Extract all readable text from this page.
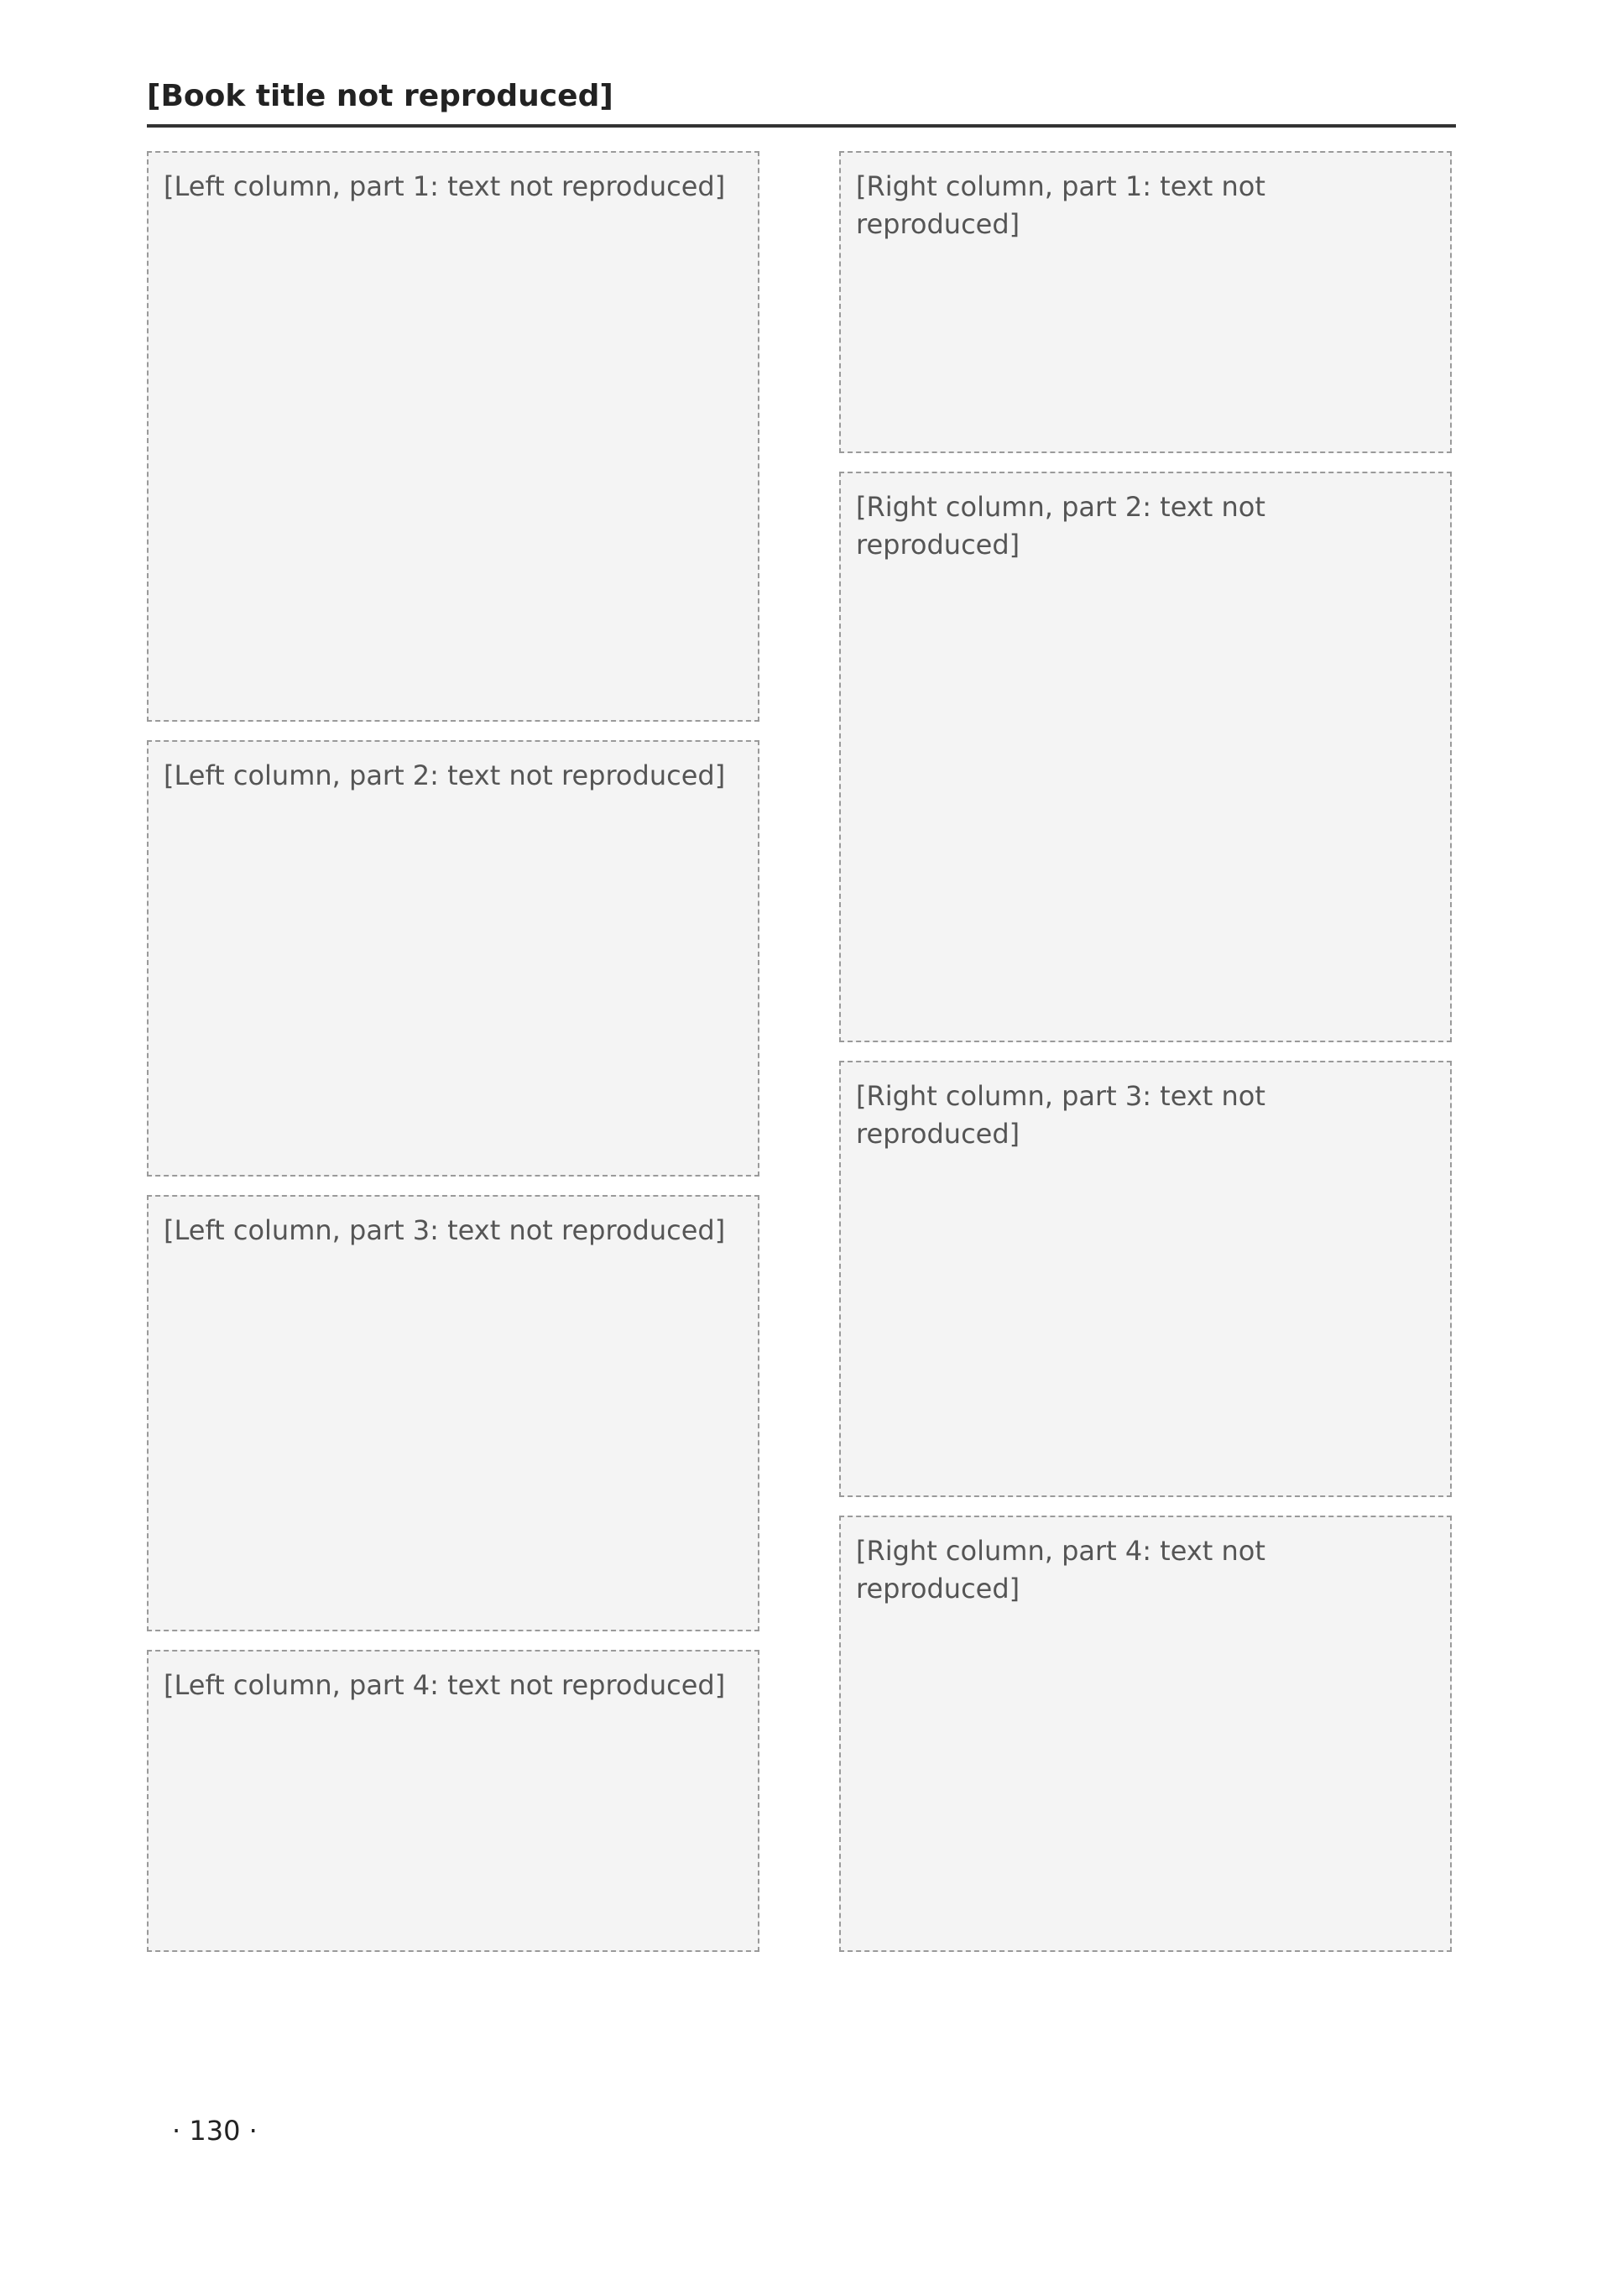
[Book title not reproduced]
[Left column, part 1: text not reproduced]
[Left column, part 2: text not reproduced]
[Left column, part 3: text not reproduced]
[Left column, part 4: text not reproduced]
[Right column, part 1: text not reproduced]
[Right column, part 2: text not reproduced]
[Right column, part 3: text not reproduced]
[Right column, part 4: text not reproduced]
· 130 ·
